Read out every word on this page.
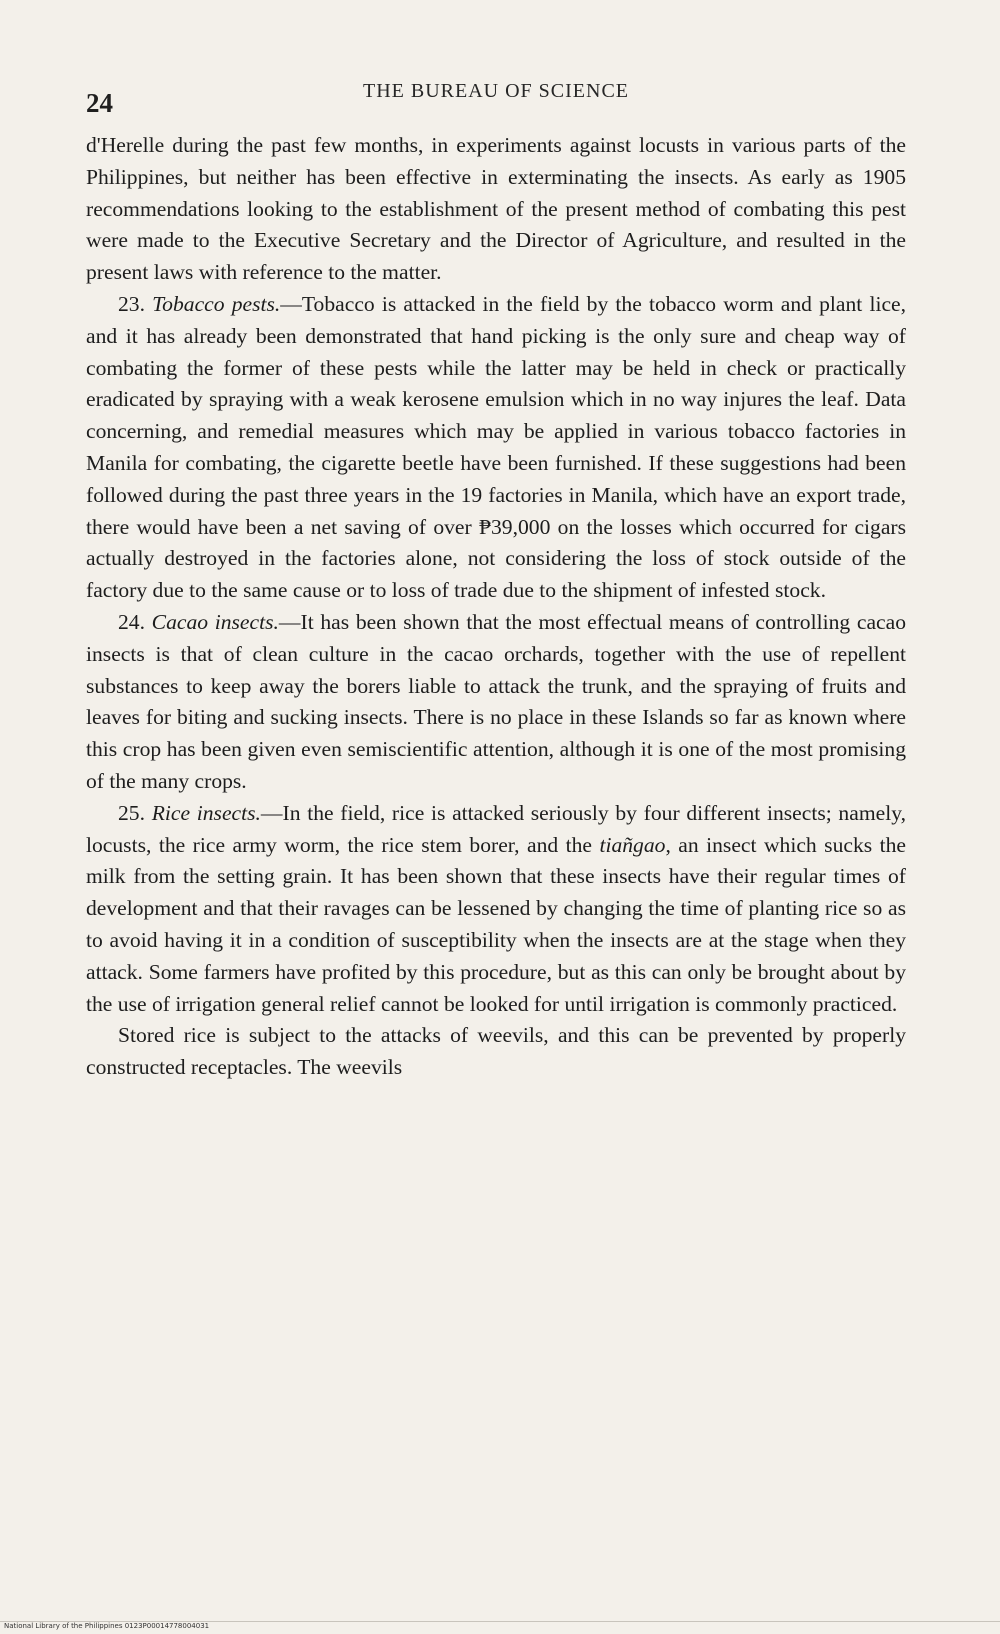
24	THE BUREAU OF SCIENCE

d'Herelle during the past few months, in experiments against locusts in various parts of the Philippines, but neither has been effective in exterminating the insects. As early as 1905 recommendations looking to the establishment of the present method of combating this pest were made to the Executive Secretary and the Director of Agriculture, and resulted in the present laws with reference to the matter.

23. Tobacco pests.—Tobacco is attacked in the field by the tobacco worm and plant lice, and it has already been demonstrated that hand picking is the only sure and cheap way of combating the former of these pests while the latter may be held in check or practically eradicated by spraying with a weak kerosene emulsion which in no way injures the leaf. Data concerning, and remedial measures which may be applied in various tobacco factories in Manila for combating, the cigarette beetle have been furnished. If these suggestions had been followed during the past three years in the 19 factories in Manila, which have an export trade, there would have been a net saving of over ₱39,000 on the losses which occurred for cigars actually destroyed in the factories alone, not considering the loss of stock outside of the factory due to the same cause or to loss of trade due to the shipment of infested stock.

24. Cacao insects.—It has been shown that the most effectual means of controlling cacao insects is that of clean culture in the cacao orchards, together with the use of repellent substances to keep away the borers liable to attack the trunk, and the spraying of fruits and leaves for biting and sucking insects. There is no place in these Islands so far as known where this crop has been given even semiscientific attention, although it is one of the most promising of the many crops.

25. Rice insects.—In the field, rice is attacked seriously by four different insects; namely, locusts, the rice army worm, the rice stem borer, and the tiañgao, an insect which sucks the milk from the setting grain. It has been shown that these insects have their regular times of development and that their ravages can be lessened by changing the time of planting rice so as to avoid having it in a condition of susceptibility when the insects are at the stage when they attack. Some farmers have profited by this procedure, but as this can only be brought about by the use of irrigation general relief cannot be looked for until irrigation is commonly practiced.

Stored rice is subject to the attacks of weevils, and this can be prevented by properly constructed receptacles. The weevils

National Library of the Philippines 0123P00014778004031
